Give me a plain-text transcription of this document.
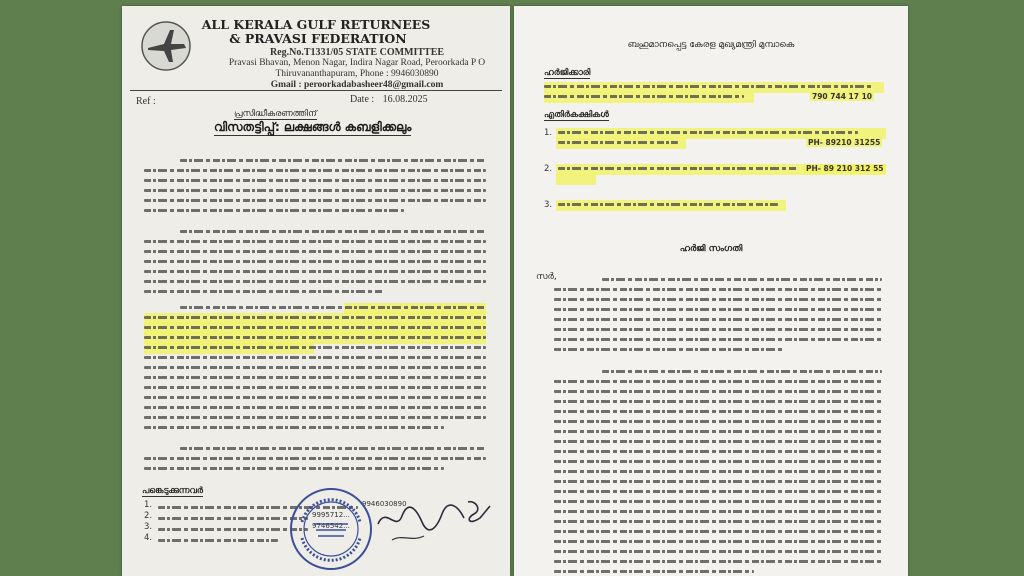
ALL KERALA GULF RETURNEES
& PRAVASI FEDERATION
Reg.No.T1331/05 STATE COMMITTEE
Pravasi Bhavan, Menon Nagar, Indira Nagar Road, Peroorkada P O
Thiruvananthapuram, Phone : 9946030890
Gmail : peroorkadabasheer48@gmail.com
Ref :	Date : 16.08.2025
പ്രസിദ്ധീകരണത്തിന്
വിസതട്ടിപ്പ്: ലക്ഷങ്ങൾ കബളിക്കലും
പങ്കെടുക്കുന്നവർ
1.
2.
3.
4.
9946030890
9995712...
9746542...
ബഹുമാനപ്പെട്ട കേരള മുഖ്യമന്ത്രി മുമ്പാകെ
ഹർജിക്കാരി
790 744 17 10
എതിർകക്ഷികൾ
1.
PH- 89210 31255
2.	PH- 89 210 312 55
3.
ഹർജി സംഗതി
സർ,
